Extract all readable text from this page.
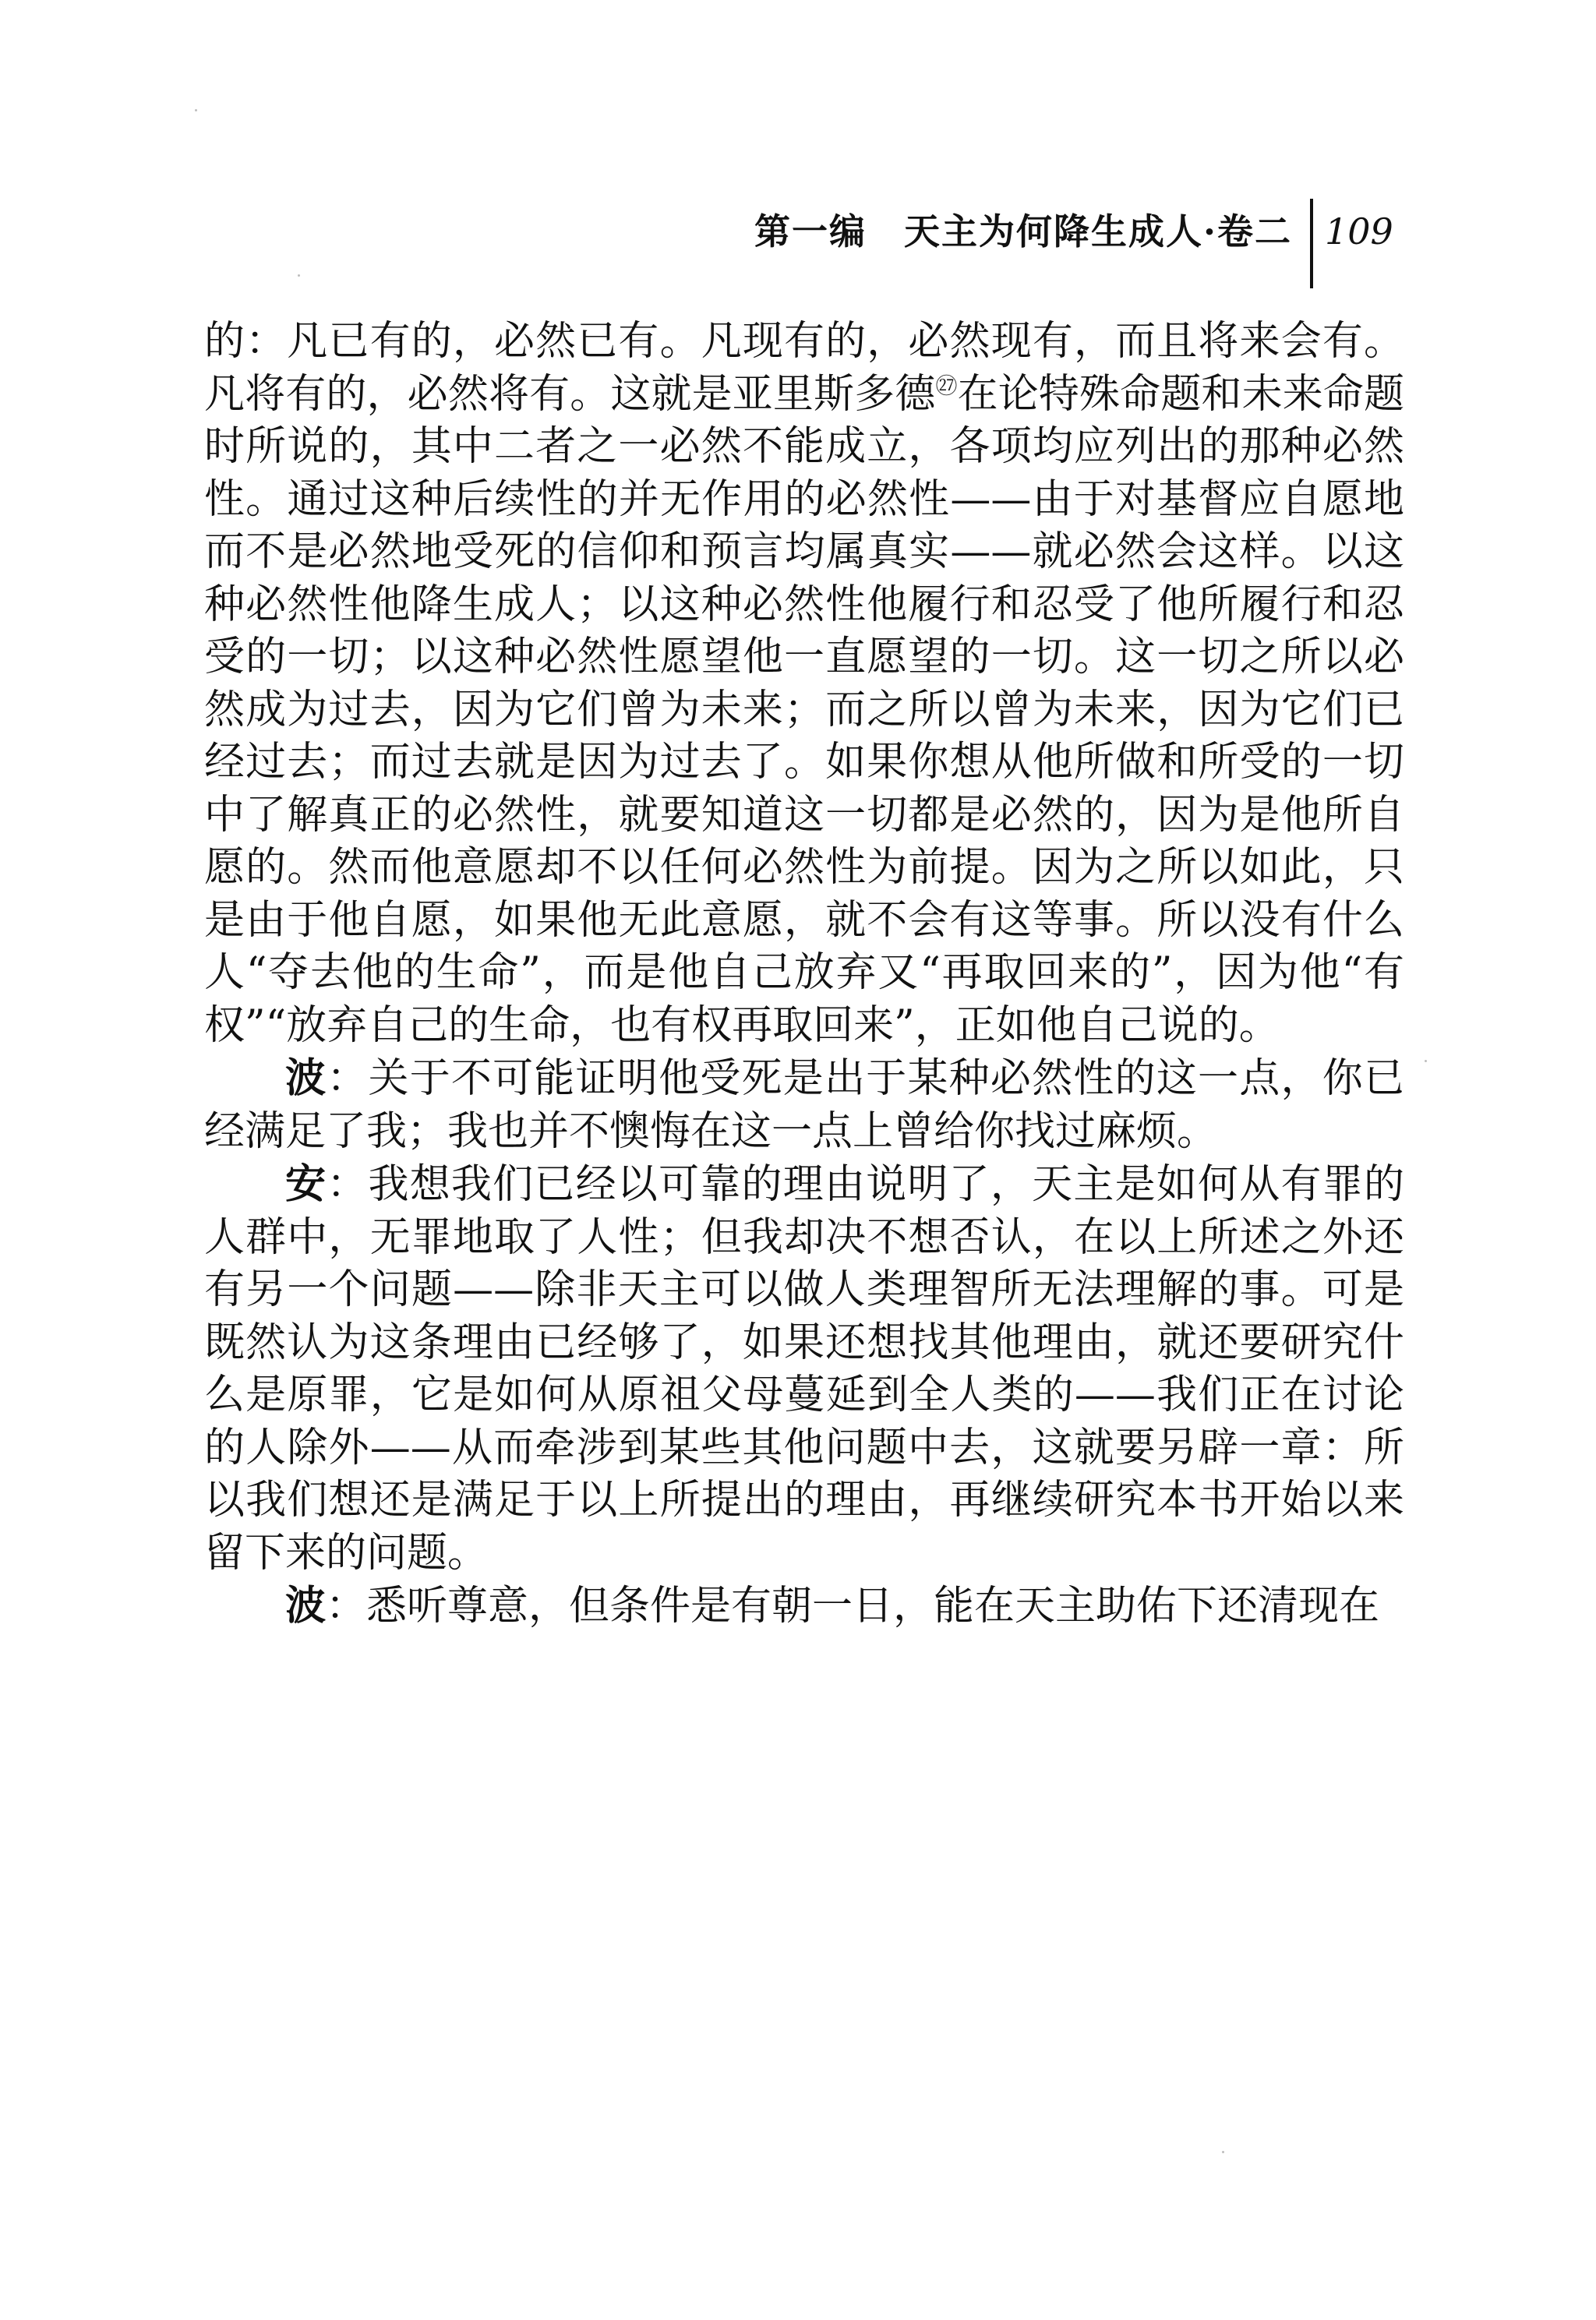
第一编　天主为何降生成人·卷二 109

的：凡已有的，必然已有。凡现有的，必然现有，而且将来会有。凡将有的，必然将有。这就是亚里斯多德$^㉗$在论特殊命题和未来命题时所说的，其中二者之一必然不能成立，各项均应列出的那种必然性。通过这种后续性的并无作用的必然性——由于对基督应自愿地而不是必然地受死的信仰和预言均属真实——就必然会这样。以这种必然性他降生成人；以这种必然性他履行和忍受了他所履行和忍受的一切；以这种必然性愿望他一直愿望的一切。这一切之所以必然成为过去，因为它们曾为未来；而之所以曾为未来，因为它们已经过去；而过去就是因为过去了。如果你想从他所做和所受的一切中了解真正的必然性，就要知道这一切都是必然的，因为是他所自愿的。然而他意愿却不以任何必然性为前提。因为之所以如此，只是由于他自愿，如果他无此意愿，就不会有这等事。所以没有什么人“夺去他的生命”，而是他自己放弃又“再取回来的”，因为他“有权”“放弃自己的生命，也有权再取回来”，正如他自己说的。

波：关于不可能证明他受死是出于某种必然性的这一点，你已经满足了我；我也并不懊悔在这一点上曾给你找过麻烦。

安：我想我们已经以可靠的理由说明了，天主是如何从有罪的人群中，无罪地取了人性；但我却决不想否认，在以上所述之外还有另一个问题——除非天主可以做人类理智所无法理解的事。可是既然认为这条理由已经够了，如果还想找其他理由，就还要研究什么是原罪，它是如何从原祖父母蔓延到全人类的——我们正在讨论的人除外——从而牵涉到某些其他问题中去，这就要另辟一章：所以我们想还是满足于以上所提出的理由，再继续研究本书开始以来留下来的问题。

波：悉听尊意，但条件是有朝一日，能在天主助佑下还清现在
